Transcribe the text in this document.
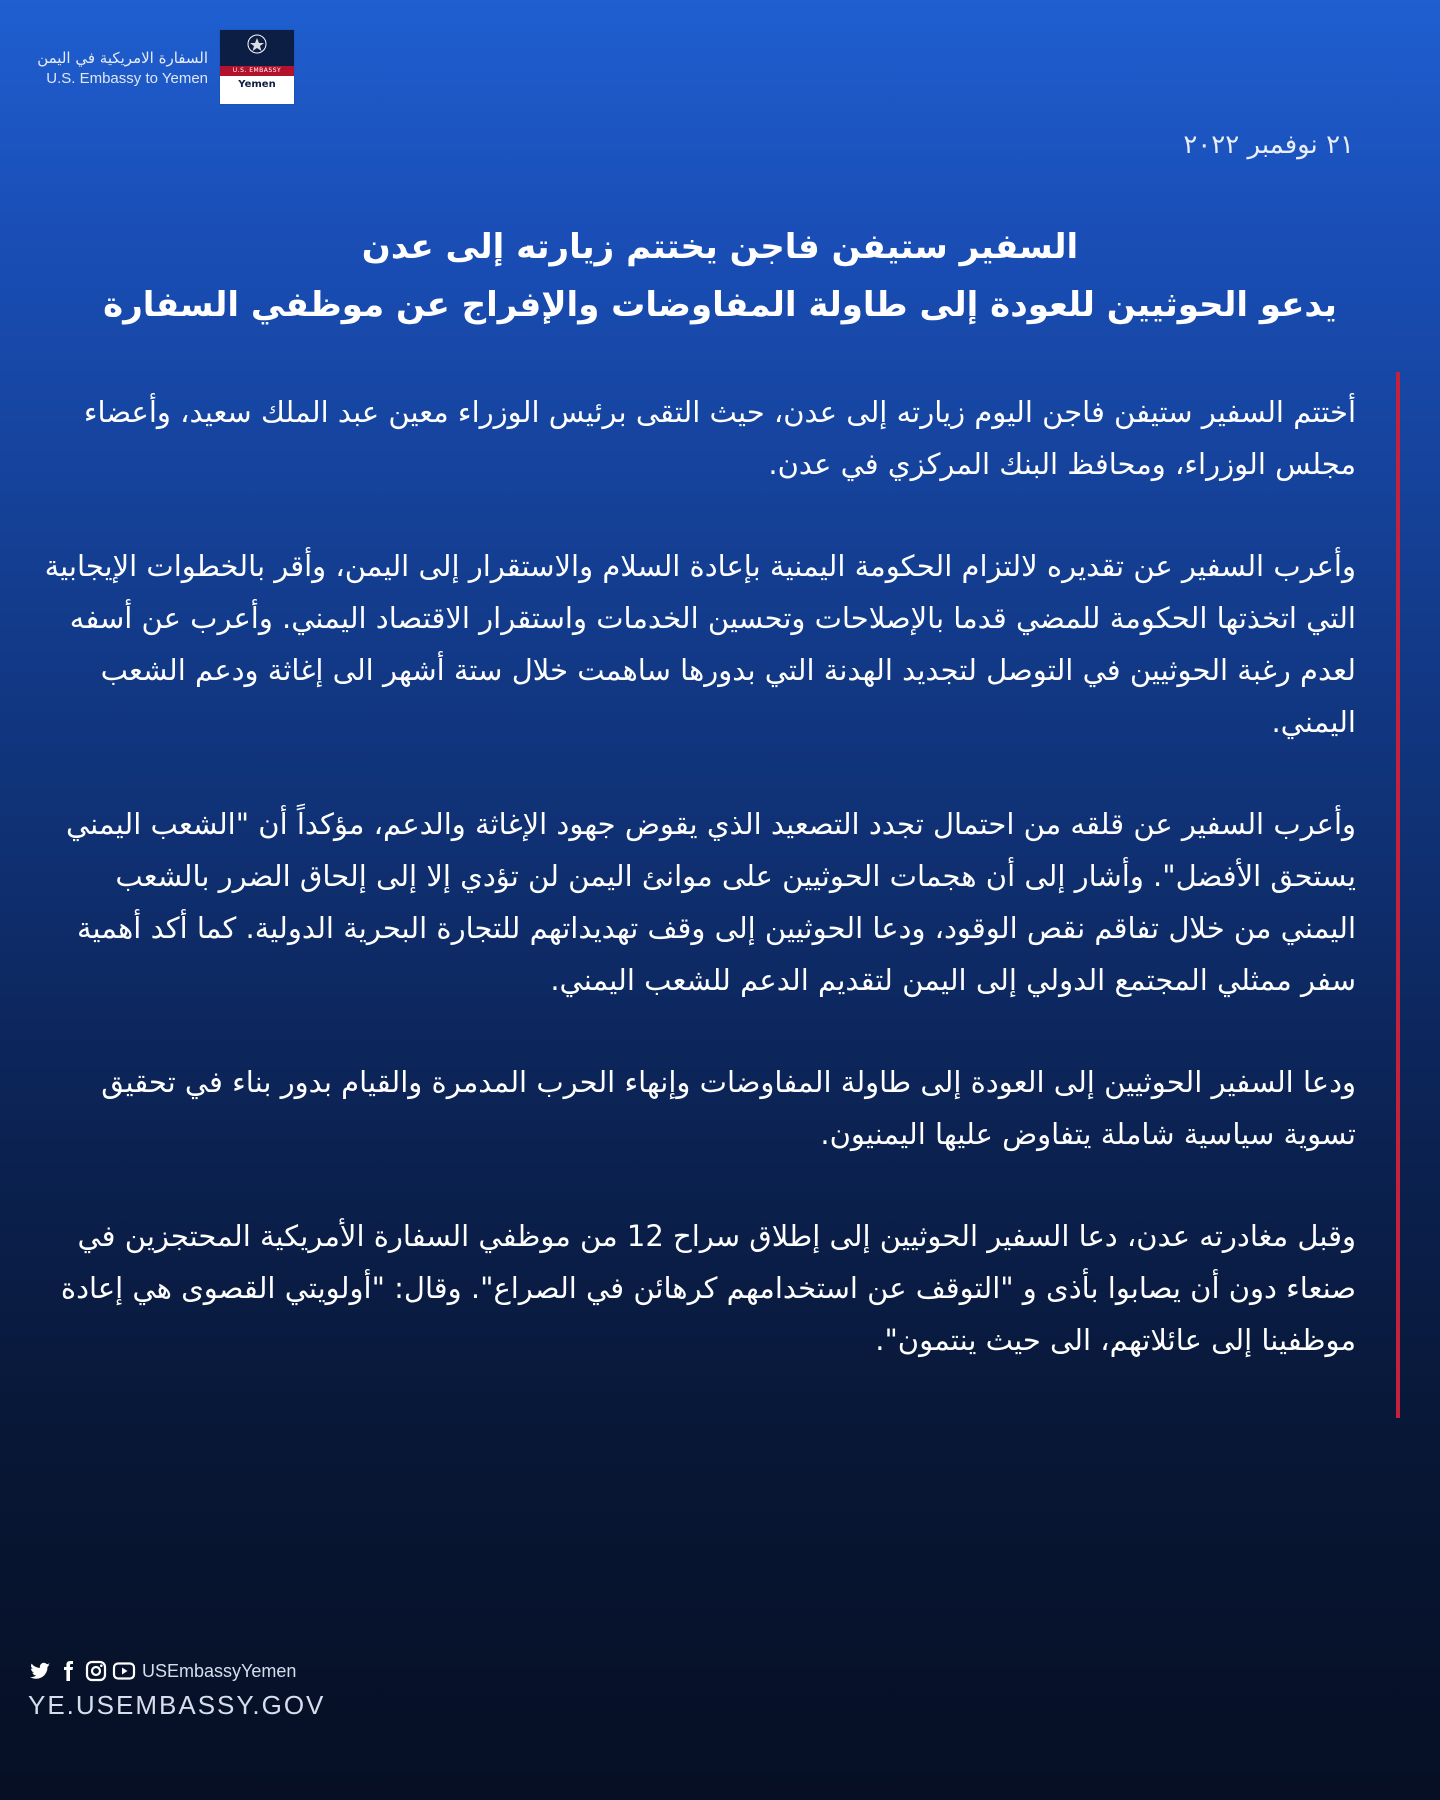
السفارة الامريكية في اليمن
U.S. Embassy to Yemen	U.S. EMBASSY
Yemen
٢١ نوفمبر ٢٠٢٢
السفير ستيفن فاجن يختتم زيارته إلى عدن
يدعو الحوثيين للعودة إلى طاولة المفاوضات والإفراج عن موظفي السفارة

أختتم السفير ستيفن فاجن اليوم زيارته إلى عدن، حيث التقى برئيس الوزراء معين عبد الملك سعيد، وأعضاء مجلس الوزراء، ومحافظ البنك المركزي في عدن.

وأعرب السفير عن تقديره لالتزام الحكومة اليمنية بإعادة السلام والاستقرار إلى اليمن، وأقر بالخطوات الإيجابية التي اتخذتها الحكومة للمضي قدما بالإصلاحات وتحسين الخدمات واستقرار الاقتصاد اليمني. وأعرب عن أسفه لعدم رغبة الحوثيين في التوصل لتجديد الهدنة التي بدورها ساهمت خلال ستة أشهر الى إغاثة ودعم الشعب اليمني.

وأعرب السفير عن قلقه من احتمال تجدد التصعيد الذي يقوض جهود الإغاثة والدعم، مؤكداً أن "الشعب اليمني يستحق الأفضل". وأشار إلى أن هجمات الحوثيين على موانئ اليمن لن تؤدي إلا إلى إلحاق الضرر بالشعب اليمني من خلال تفاقم نقص الوقود، ودعا الحوثيين إلى وقف تهديداتهم للتجارة البحرية الدولية. كما أكد أهمية سفر ممثلي المجتمع الدولي إلى اليمن لتقديم الدعم للشعب اليمني.

ودعا السفير الحوثيين إلى العودة إلى طاولة المفاوضات وإنهاء الحرب المدمرة والقيام بدور بناء في تحقيق تسوية سياسية شاملة يتفاوض عليها اليمنيون.

وقبل مغادرته عدن، دعا السفير الحوثيين إلى إطلاق سراح 12 من موظفي السفارة الأمريكية المحتجزين في صنعاء دون أن يصابوا بأذى و "التوقف عن استخدامهم كرهائن في الصراع". وقال: "أولويتي القصوى هي إعادة موظفينا إلى عائلاتهم، الى حيث ينتمون".

USEmbassyYemen
YE.USEMBASSY.GOV
